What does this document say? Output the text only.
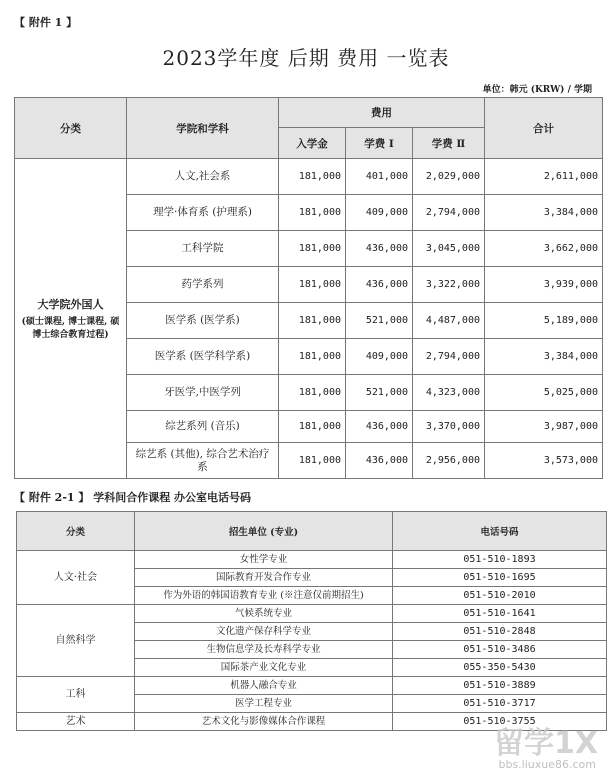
【 附件 1 】
2023学年度 后期 费用 一览表
单位：韩元 (KRW) / 学期
分类	学院和学科	费用			合计
		入学金	学费 Ⅰ	学费 Ⅱ	

大学院外国人
(硕士课程, 博士课程, 硕博士综合教育过程)	人文,社会系	181,000	401,000	2,029,000	2,611,000
	理学·体育系 (护理系)	181,000	409,000	2,794,000	3,384,000
	工科学院	181,000	436,000	3,045,000	3,662,000
	药学系列	181,000	436,000	3,322,000	3,939,000
	医学系 (医学系)	181,000	521,000	4,487,000	5,189,000
	医学系 (医学科学系)	181,000	409,000	2,794,000	3,384,000
	牙医学,中医学列	181,000	521,000	4,323,000	5,025,000
	综艺系列 (音乐)	181,000	436,000	3,370,000	3,987,000
	综艺系 (其他), 综合艺术治疗系	181,000	436,000	2,956,000	3,573,000
【 附件 2-1 】 学科间合作课程 办公室电话号码
分类	招生单位 (专业)	电话号码
人文·社会	女性学专业	051-510-1893
	国际教育开发合作专业	051-510-1695
	作为外语的韩国语教育专业 (※注意仅前期招生)	051-510-2010
自然科学	气候系统专业	051-510-1641
	文化遗产保存科学专业	051-510-2848
	生物信息学及长寿科学专业	051-510-3486
	国际茶产业文化专业	055-350-5430
工科	机器人融合专业	051-510-3889
	医学工程专业	051-510-3717
艺术	艺术文化与影像媒体合作课程	051-510-3755
留学1X
bbs.liuxue86.com
